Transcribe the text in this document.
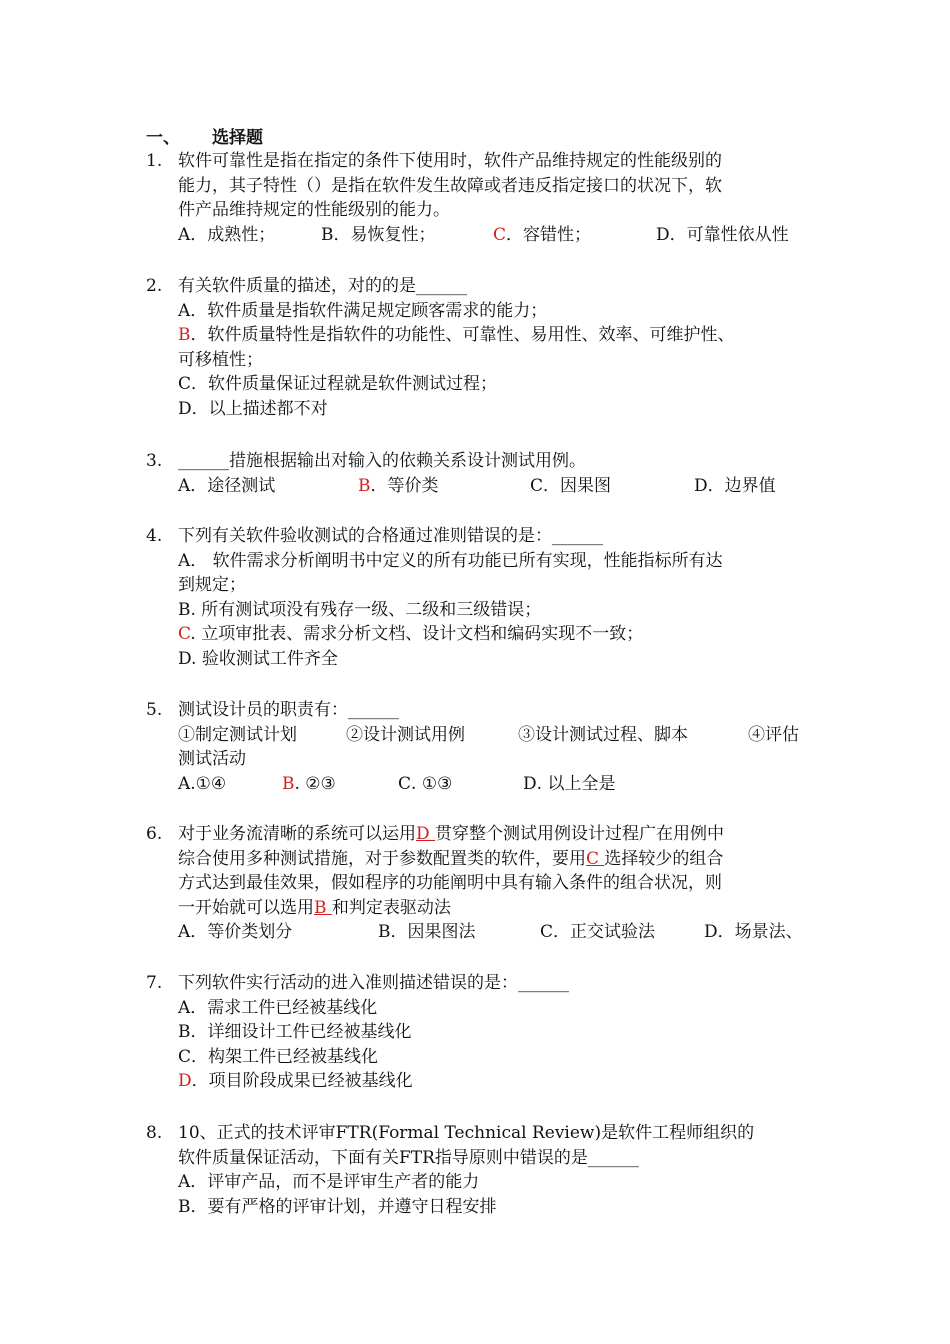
一、 选择题
1. 软件可靠性是指在指定的条件下使用时，软件产品维持规定的性能级别的
能力，其子特性（）是指在软件发生故障或者违反指定接口的状况下，软
件产品维持规定的性能级别的能力。
A．成熟性；	B．易恢复性；	C．容错性；	D．可靠性依从性
2. 有关软件质量的描述，对的的是______
A．软件质量是指软件满足规定顾客需求的能力；
B．软件质量特性是指软件的功能性、可靠性、易用性、效率、可维护性、
可移植性；
C．软件质量保证过程就是软件测试过程；
D．以上描述都不对
3. ______措施根据输出对输入的依赖关系设计测试用例。
A．途径测试	B．等价类	C．因果图	D．边界值
4. 下列有关软件验收测试的合格通过准则错误的是：______
A． 软件需求分析阐明书中定义的所有功能已所有实现，性能指标所有达
到规定；
B. 所有测试项没有残存一级、二级和三级错误；
C. 立项审批表、需求分析文档、设计文档和编码实现不一致；
D. 验收测试工件齐全
5. 测试设计员的职责有：______
①制定测试计划	②设计测试用例	③设计测试过程、脚本	④评估
测试活动
A.①④	B. ②③	C. ①③	D. 以上全是
6. 对于业务流清晰的系统可以运用D 贯穿整个测试用例设计过程广在用例中
综合使用多种测试措施，对于参数配置类的软件，要用C 选择较少的组合
方式达到最佳效果，假如程序的功能阐明中具有输入条件的组合状况，则
一开始就可以选用B 和判定表驱动法
A．等价类划分	B．因果图法	C．正交试验法	D．场景法、
7. 下列软件实行活动的进入准则描述错误的是：______
A．需求工件已经被基线化
B．详细设计工件已经被基线化
C．构架工件已经被基线化
D．项目阶段成果已经被基线化
8. 10、正式的技术评审FTR(Formal Technical Review)是软件工程师组织的
软件质量保证活动，下面有关FTR指导原则中错误的是______
A．评审产品，而不是评审生产者的能力
B．要有严格的评审计划，并遵守日程安排
